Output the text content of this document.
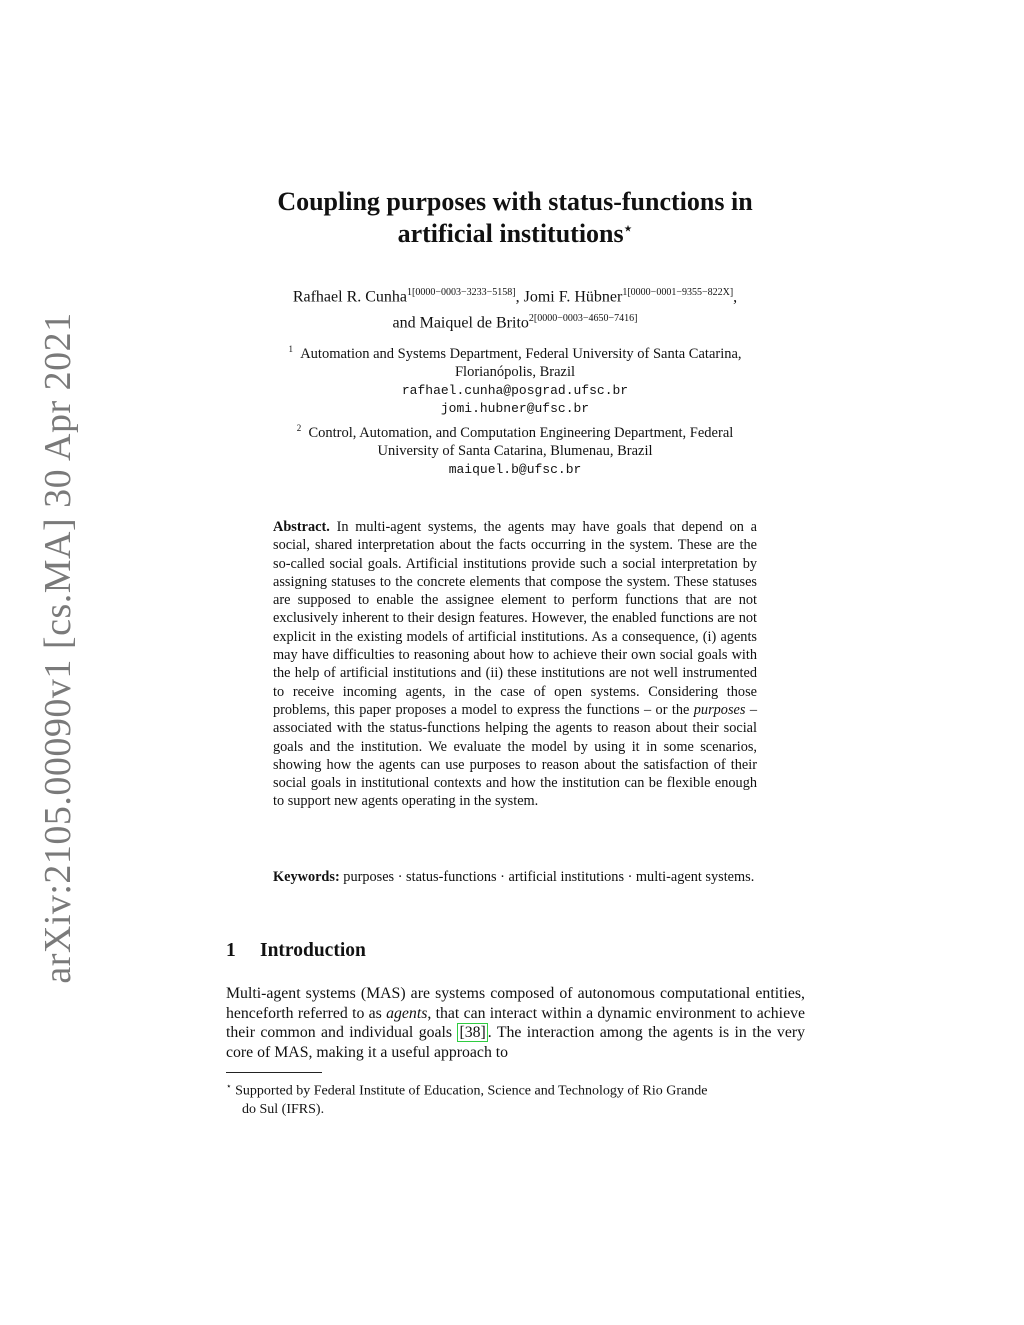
arXiv:2105.00090v1 [cs.MA] 30 Apr 2021
Coupling purposes with status-functions in
artificial institutions⋆
Rafhael R. Cunha$^{1[0000-0003-3233-5158]}$, Jomi F. Hübner$^{1[0000-0001-9355-822X]}$,
and Maiquel de Brito$^{2[0000-0003-4650-7416]}$
$^1$ Automation and Systems Department, Federal University of Santa Catarina,
Florianópolis, Brazil
rafhael.cunha@posgrad.ufsc.br
jomi.hubner@ufsc.br
$^2$ Control, Automation, and Computation Engineering Department, Federal
University of Santa Catarina, Blumenau, Brazil
maiquel.b@ufsc.br
Abstract. In multi-agent systems, the agents may have goals that depend on a social, shared interpretation about the facts occurring in the system. These are the so-called social goals. Artificial institutions provide such a social interpretation by assigning statuses to the concrete elements that compose the system. These statuses are supposed to enable the assignee element to perform functions that are not exclusively inherent to their design features. However, the enabled functions are not explicit in the existing models of artificial institutions. As a consequence, (i) agents may have difficulties to reasoning about how to achieve their own social goals with the help of artificial institutions and (ii) these institutions are not well instrumented to receive incoming agents, in the case of open systems. Considering those problems, this paper proposes a model to express the functions – or the purposes – associated with the status-functions helping the agents to reason about their social goals and the institution. We evaluate the model by using it in some scenarios, showing how the agents can use purposes to reason about the satisfaction of their social goals in institutional contexts and how the institution can be flexible enough to support new agents operating in the system.
Keywords: purposes · status-functions · artificial institutions · multi-agent systems.
1 Introduction
Multi-agent systems (MAS) are systems composed of autonomous computational entities, henceforth referred to as agents, that can interact within a dynamic environment to achieve their common and individual goals [38] . The interaction among the agents is in the very core of MAS, making it a useful approach to
⋆ Supported by Federal Institute of Education, Science and Technology of Rio Grande
do Sul (IFRS).
